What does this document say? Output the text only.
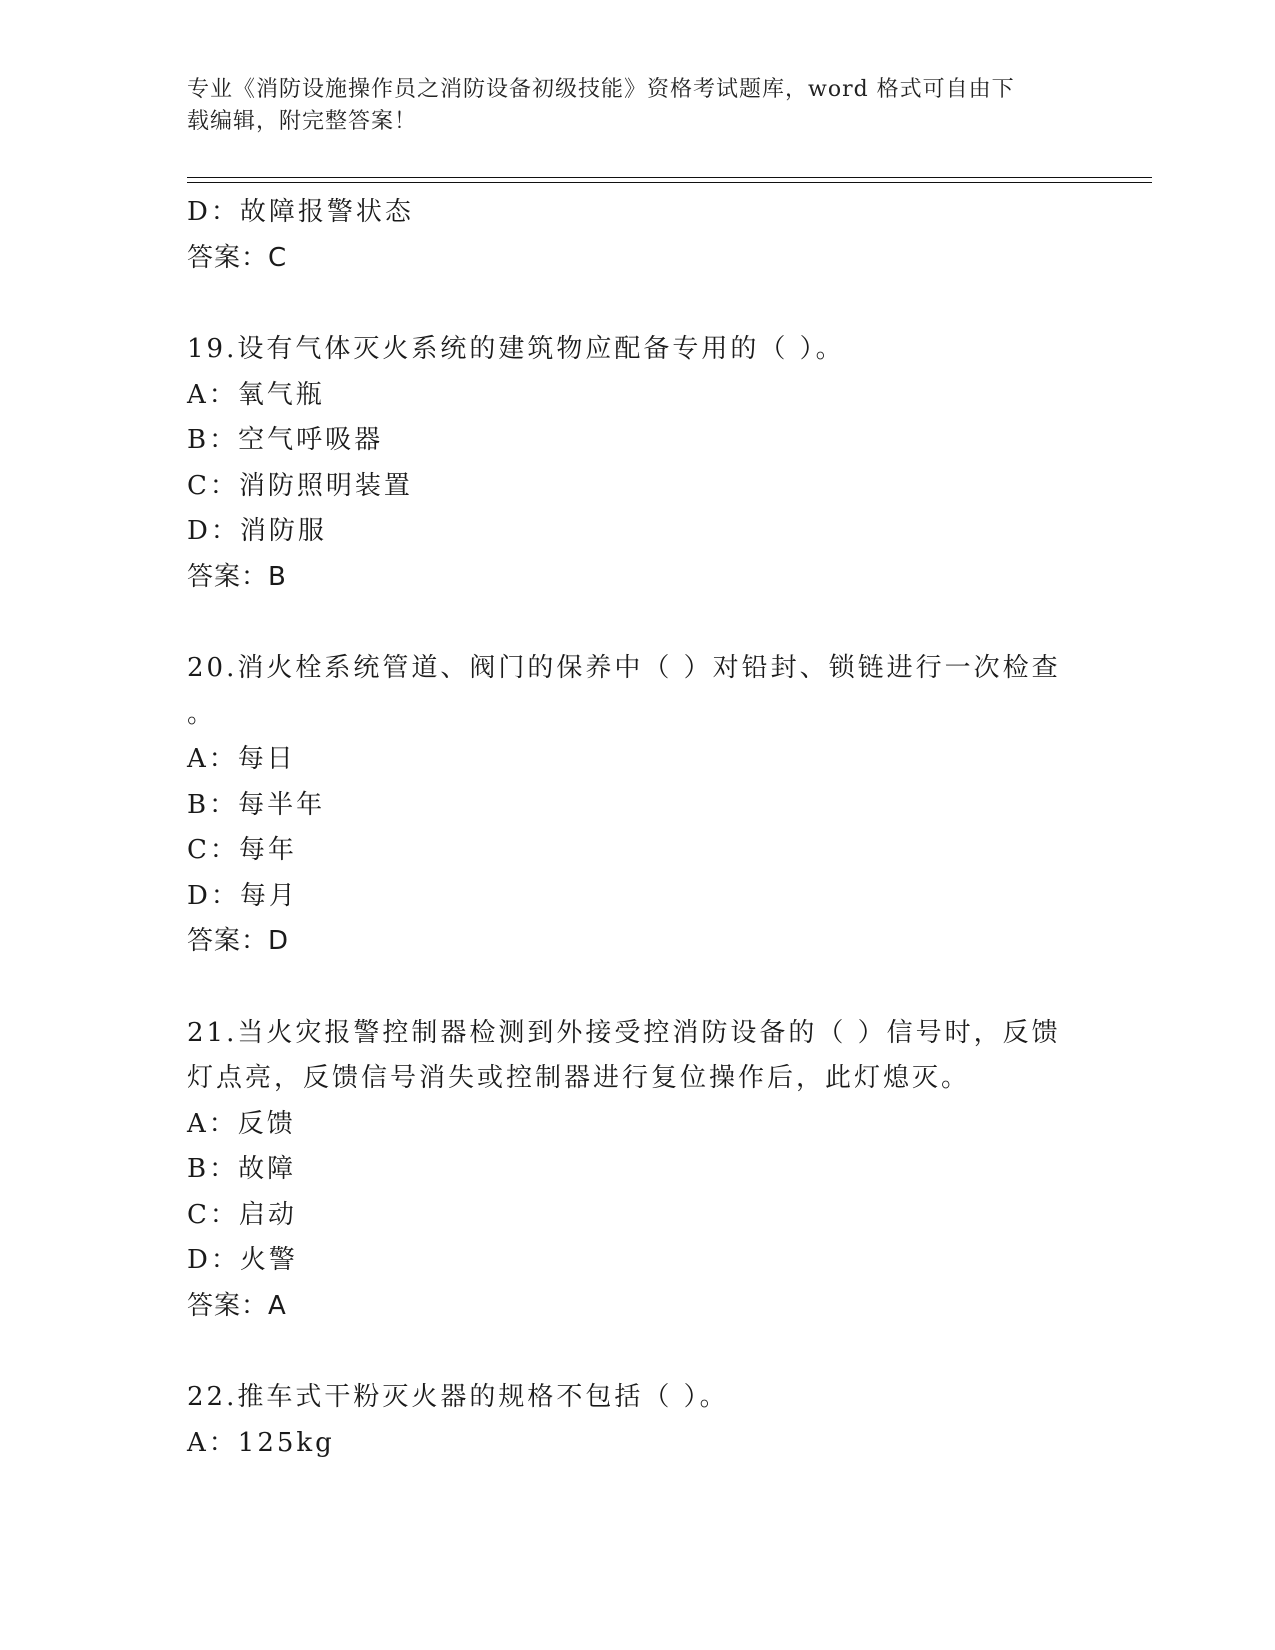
专业《消防设施操作员之消防设备初级技能》资格考试题库，word 格式可自由下
载编辑，附完整答案！
D：故障报警状态
答案：C
19.设有气体灭火系统的建筑物应配备专用的（ ）。
A：氧气瓶
B：空气呼吸器
C：消防照明装置
D：消防服
答案：B
20.消火栓系统管道、阀门的保养中（ ）对铅封、锁链进行一次检查
。
A：每日
B：每半年
C：每年
D：每月
答案：D
21.当火灾报警控制器检测到外接受控消防设备的（ ）信号时，反馈
灯点亮，反馈信号消失或控制器进行复位操作后，此灯熄灭。
A：反馈
B：故障
C：启动
D：火警
答案：A
22.推车式干粉灭火器的规格不包括（ ）。
A：125kg
